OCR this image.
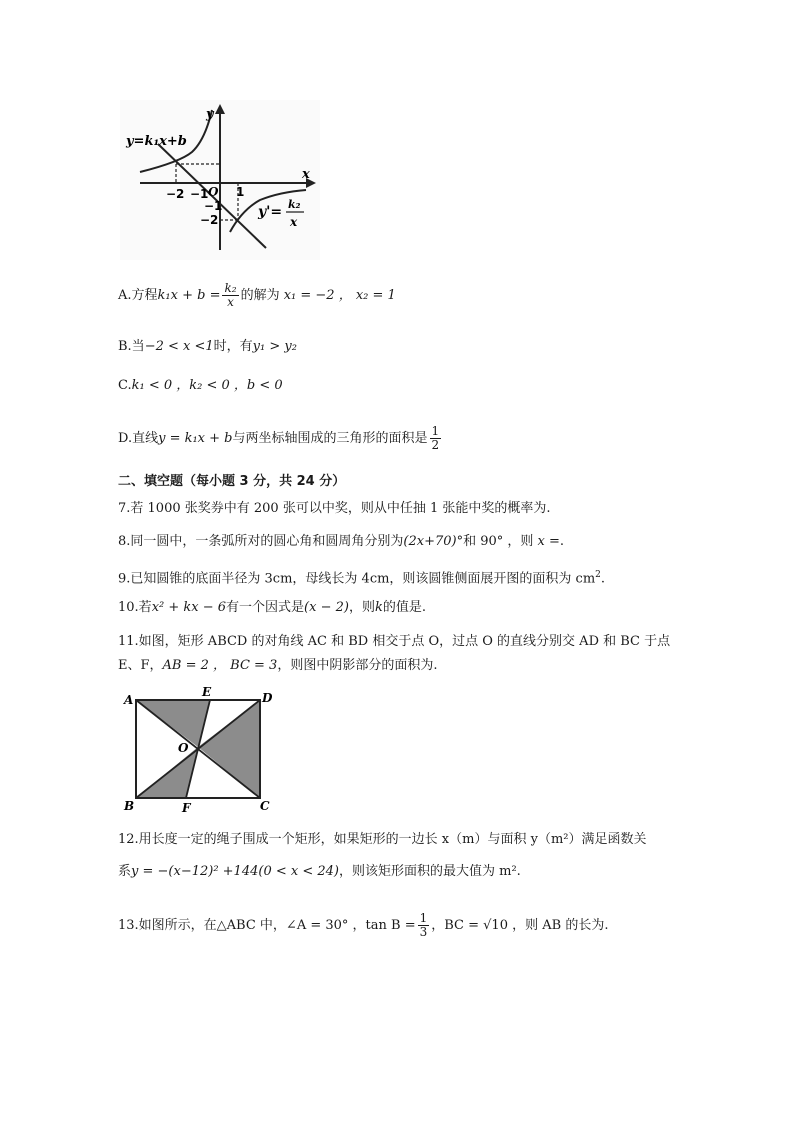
y=k₁x+b
x
y
O
−2 −1 1
−1
−2	y'= k₂
x
A.方程$k_1x + b = \frac{\text{k₂}}{x}$ 的解为 x₁ = −2 ， x₂ = 1
B.当−2 < x <1时，有y₁ > y₂
C.k₁ < 0 ，k₂ < 0 ，b < 0
D.直线y = k₁x + b与两坐标轴围成的三角形的面积是 $\frac{1}{2}$
二、填空题（每小题 3 分，共 24 分）
7.若 1000 张奖券中有 200 张可以中奖，则从中任抽 1 张能中奖的概率为.
8.同一圆中，一条弧所对的圆心角和圆周角分别为(2x+70)°和 90° ，则 x =.
9.已知圆锥的底面半径为 3cm，母线长为 4cm，则该圆锥侧面展开图的面积为 $cm^2$.
10.若x² + kx − 6有一个因式是(x − 2)，则k的值是.
11.如图，矩形 ABCD 的对角线 AC 和 BD 相交于点 O，过点 O 的直线分别交 AD 和 BC 于点
E、F，AB = 2 ， BC = 3，则图中阴影部分的面积为.
A
E	D
O
B	F	C
12.用长度一定的绳子围成一个矩形，如果矩形的一边长 x（m）与面积 y（m²）满足函数关
系y = −(x−12)² +144(0 < x < 24)，则该矩形面积的最大值为 m².
13.如图所示，在△ABC 中，∠A = 30° ，$\tan B = \frac{1}{3}$ ，BC = √10 ，则 AB 的长为.
